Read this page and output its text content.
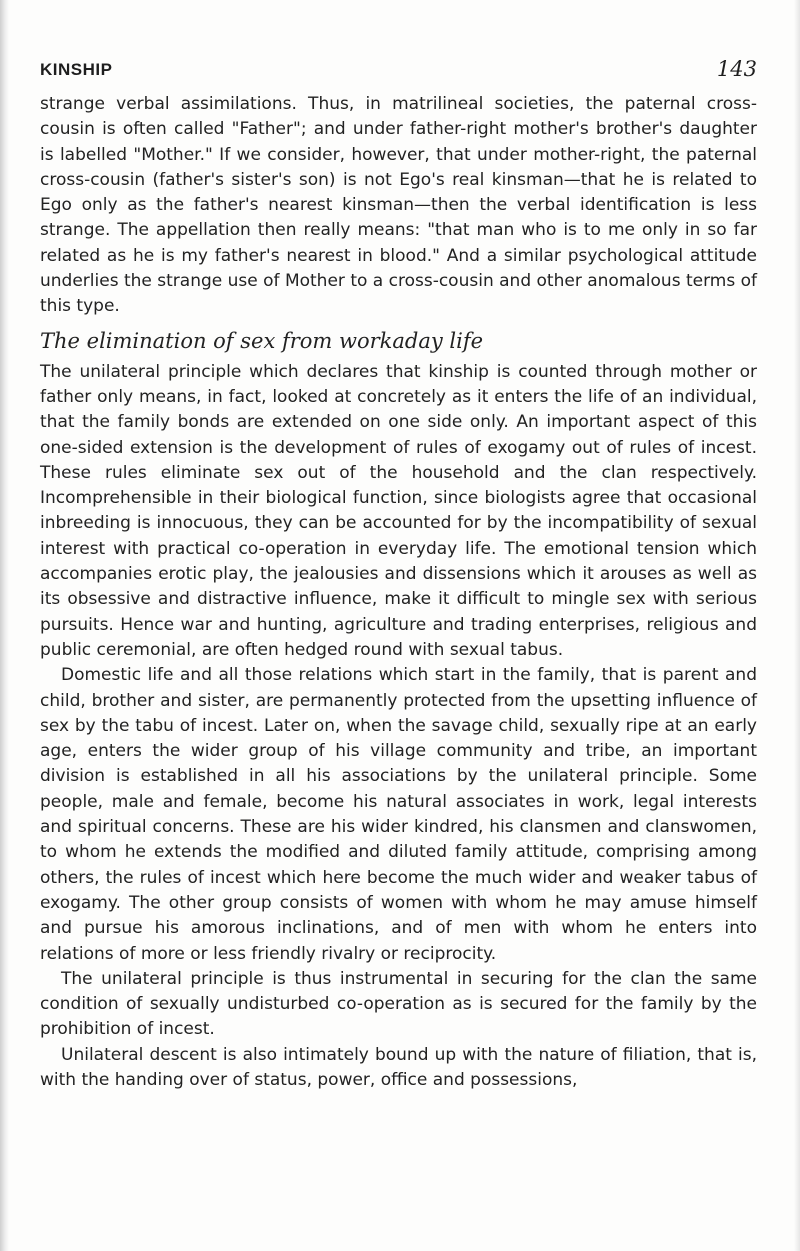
KINSHIP	143

strange verbal assimilations. Thus, in matrilineal societies, the paternal cross-cousin is often called "Father"; and under father-right mother's brother's daughter is labelled "Mother." If we consider, however, that under mother-right, the paternal cross-cousin (father's sister's son) is not Ego's real kinsman—that he is related to Ego only as the father's nearest kinsman—then the verbal identification is less strange. The appellation then really means: "that man who is to me only in so far related as he is my father's nearest in blood." And a similar psychological attitude underlies the strange use of Mother to a cross-cousin and other anomalous terms of this type.

The elimination of sex from workaday life

The unilateral principle which declares that kinship is counted through mother or father only means, in fact, looked at concretely as it enters the life of an individual, that the family bonds are extended on one side only. An important aspect of this one-sided extension is the development of rules of exogamy out of rules of incest. These rules eliminate sex out of the household and the clan respectively. Incomprehensible in their biological function, since biologists agree that occasional inbreeding is innocuous, they can be accounted for by the incompatibility of sexual interest with practical co-operation in everyday life. The emotional tension which accompanies erotic play, the jealousies and dissensions which it arouses as well as its obsessive and distractive influence, make it difficult to mingle sex with serious pursuits. Hence war and hunting, agriculture and trading enterprises, religious and public ceremonial, are often hedged round with sexual tabus.

Domestic life and all those relations which start in the family, that is parent and child, brother and sister, are permanently protected from the upsetting influence of sex by the tabu of incest. Later on, when the savage child, sexually ripe at an early age, enters the wider group of his village community and tribe, an important division is established in all his associations by the unilateral principle. Some people, male and female, become his natural associates in work, legal interests and spiritual concerns. These are his wider kindred, his clansmen and clanswomen, to whom he extends the modified and diluted family attitude, comprising among others, the rules of incest which here become the much wider and weaker tabus of exogamy. The other group consists of women with whom he may amuse himself and pursue his amorous inclinations, and of men with whom he enters into relations of more or less friendly rivalry or reciprocity.

The unilateral principle is thus instrumental in securing for the clan the same condition of sexually undisturbed co-operation as is secured for the family by the prohibition of incest.

Unilateral descent is also intimately bound up with the nature of filiation, that is, with the handing over of status, power, office and possessions,
